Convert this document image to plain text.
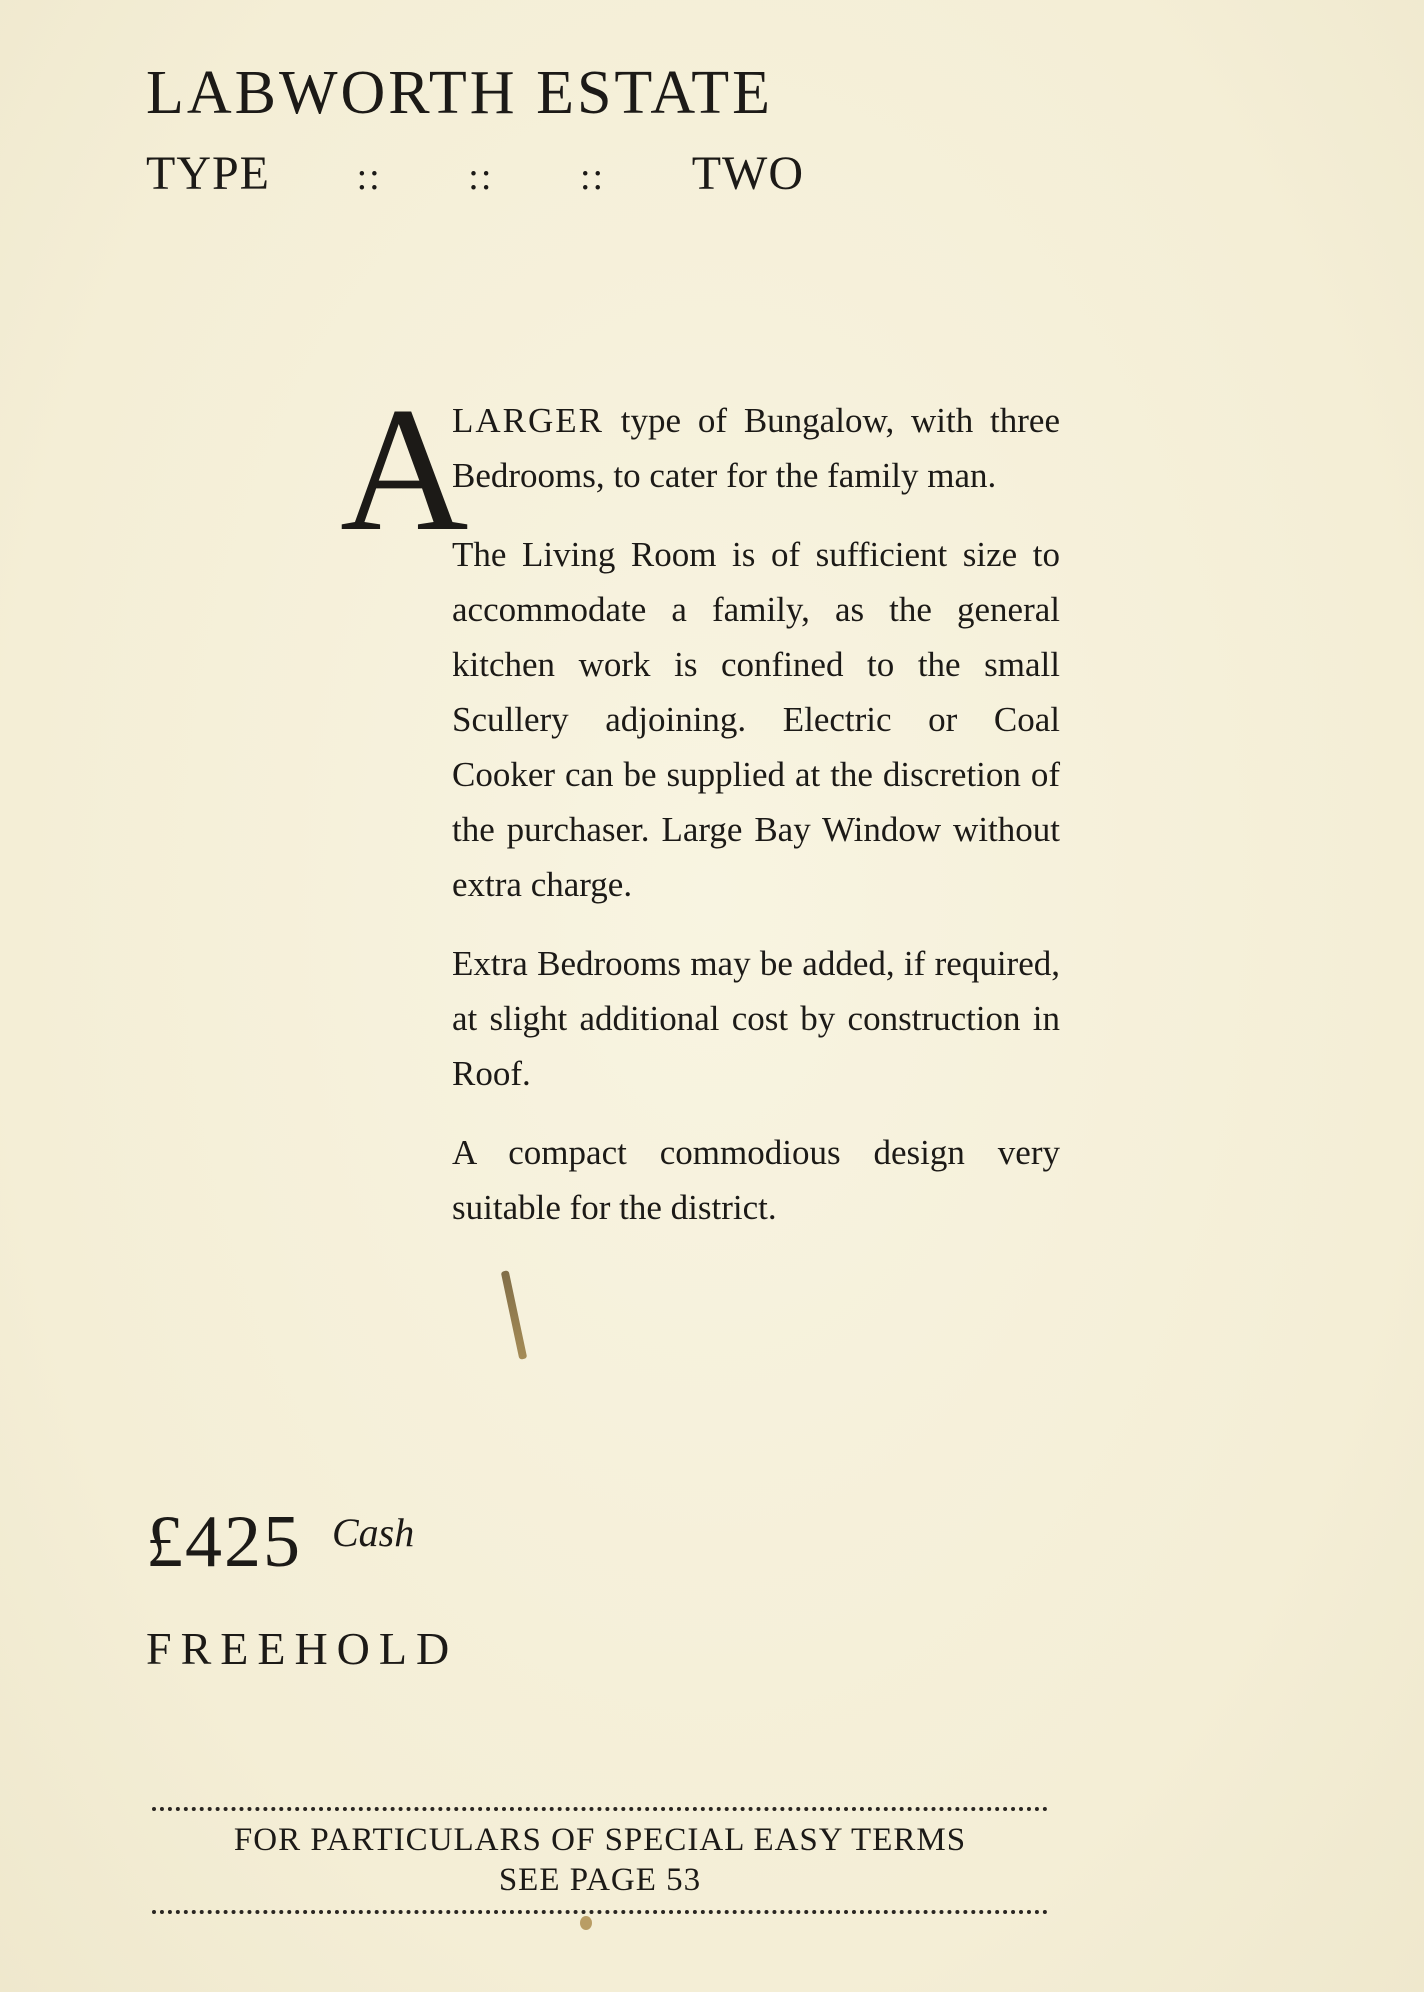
LABWORTH ESTATE
TYPE :: :: :: TWO
A

LARGER type of Bungalow, with three Bedrooms, to cater for the family man.

The Living Room is of sufficient size to accommodate a family, as the general kitchen work is confined to the small Scullery adjoining. Electric or Coal Cooker can be supplied at the discretion of the purchaser. Large Bay Window without extra charge.

Extra Bedrooms may be added, if required, at slight additional cost by construction in Roof.

A compact commodious design very suitable for the district.

£425 Cash
FREEHOLD
FOR PARTICULARS OF SPECIAL EASY TERMS
SEE PAGE 53
